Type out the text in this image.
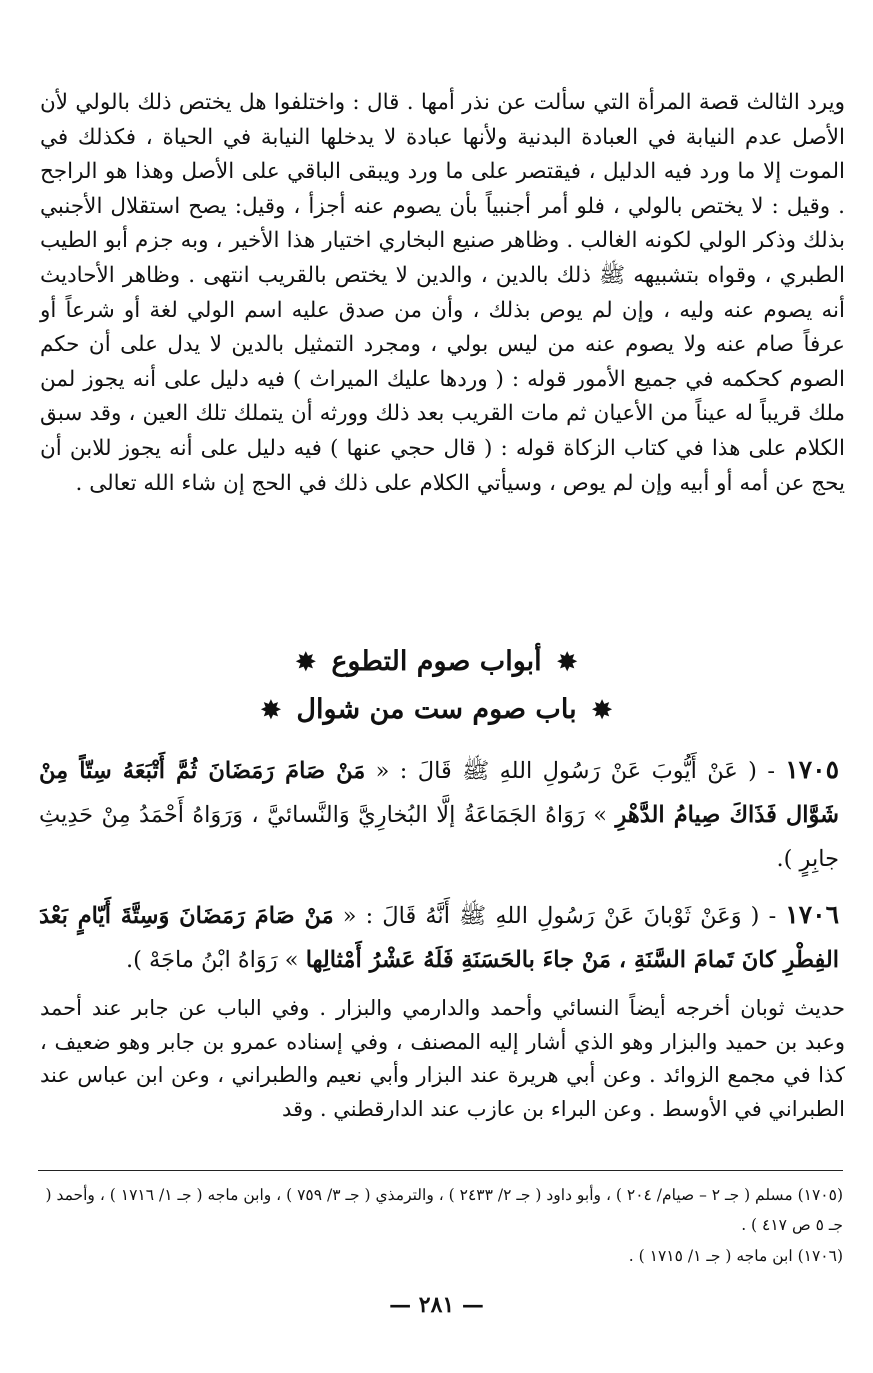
ويرد الثالث قصة المرأة التي سألت عن نذر أمها . قال : واختلفوا هل يختص ذلك بالولي لأن الأصل عدم النيابة في العبادة البدنية ولأنها عبادة لا يدخلها النيابة في الحياة ، فكذلك في الموت إلا ما ورد فيه الدليل ، فيقتصر على ما ورد ويبقى الباقي على الأصل وهذا هو الراجح . وقيل : لا يختص بالولي ، فلو أمر أجنبياً بأن يصوم عنه أجزأ ، وقيل: يصح استقلال الأجنبي بذلك وذكر الولي لكونه الغالب . وظاهر صنيع البخاري اختيار هذا الأخير ، وبه جزم أبو الطيب الطبري ، وقواه بتشبيهه ﷺ ذلك بالدين ، والدين لا يختص بالقريب انتهى . وظاهر الأحاديث أنه يصوم عنه وليه ، وإن لم يوص بذلك ، وأن من صدق عليه اسم الولي لغة أو شرعاً أو عرفاً صام عنه ولا يصوم عنه من ليس بولي ، ومجرد التمثيل بالدين لا يدل على أن حكم الصوم كحكمه في جميع الأمور قوله : ( وردها عليك الميراث ) فيه دليل على أنه يجوز لمن ملك قريباً له عيناً من الأعيان ثم مات القريب بعد ذلك وورثه أن يتملك تلك العين ، وقد سبق الكلام على هذا في كتاب الزكاة قوله : ( قال حجي عنها ) فيه دليل على أنه يجوز للابن أن يحج عن أمه أو أبيه وإن لم يوص ، وسيأتي الكلام على ذلك في الحج إن شاء الله تعالى .
✸ أبواب صوم التطوع ✸
✸ باب صوم ست من شوال ✸
١٧٠٥ - ( عَنْ أَيُّوبَ عَنْ رَسُولِ اللهِ ﷺ قَالَ : « مَنْ صَامَ رَمَضَانَ ثُمَّ أَتْبَعَهُ سِتّاً مِنْ شَوَّال فَذَاكَ صِيامُ الدَّهْرِ » رَوَاهُ الجَمَاعَةُ إلَّا البُخارِيَّ وَالنَّسائيَّ ، وَرَوَاهُ أَحْمَدُ مِنْ حَدِيثِ جابِرٍ ).
١٧٠٦ - ( وَعَنْ ثَوْبانَ عَنْ رَسُولِ اللهِ ﷺ أَنَّهُ قَالَ : « مَنْ صَامَ رَمَضَانَ وَسِتَّةَ أَيّامٍ بَعْدَ الفِطْرِ كانَ تَمامَ السَّنَةِ ، مَنْ جاءَ بالحَسَنَةِ فَلَهُ عَشْرُ أَمْثالِها » رَوَاهُ ابْنُ ماجَهْ ).
حديث ثوبان أخرجه أيضاً النسائي وأحمد والدارمي والبزار . وفي الباب عن جابر عند أحمد وعبد بن حميد والبزار وهو الذي أشار إليه المصنف ، وفي إسناده عمرو بن جابر وهو ضعيف ، كذا في مجمع الزوائد . وعن أبي هريرة عند البزار وأبي نعيم والطبراني ، وعن ابن عباس عند الطبراني في الأوسط . وعن البراء بن عازب عند الدارقطني . وقد
(١٧٠٥) مسلم ( جـ ٢ – صيام/ ٢٠٤ ) ، وأبو داود ( جـ ٢/ ٢٤٣٣ ) ، والترمذي ( جـ ٣/ ٧٥٩ ) ، وابن ماجه ( جـ ١/ ١٧١٦ ) ، وأحمد ( جـ ٥ ص ٤١٧ ) .
(١٧٠٦) ابن ماجه ( جـ ١/ ١٧١٥ ) .
— ٢٨١ —
